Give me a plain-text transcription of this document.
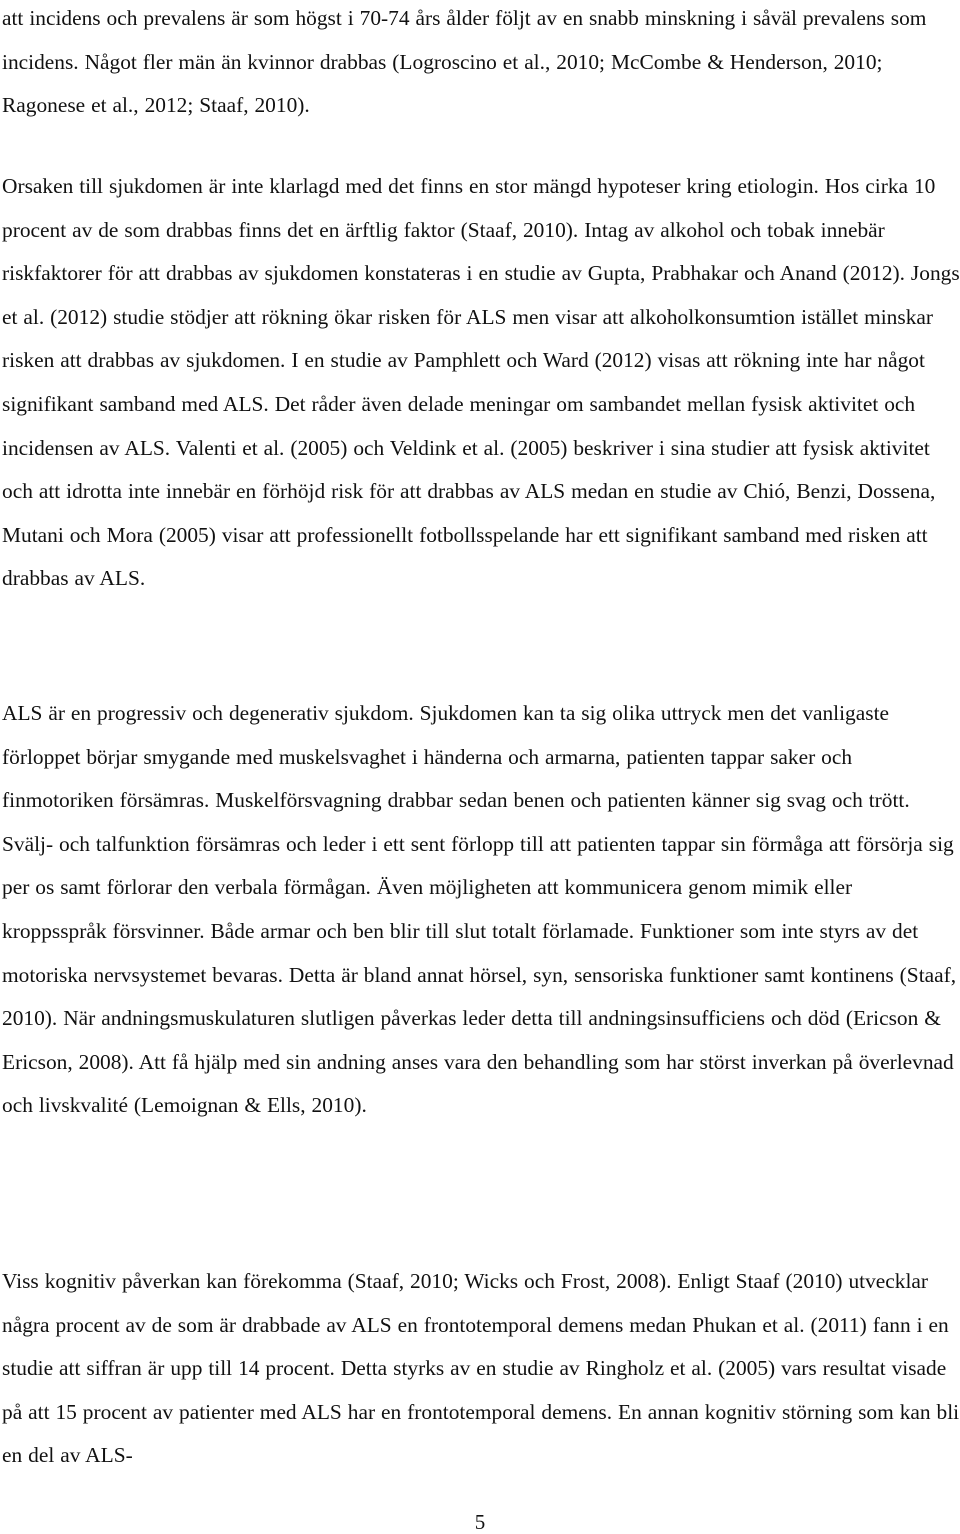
att incidens och prevalens är som högst i 70-74 års ålder följt av en snabb minskning i såväl prevalens som incidens. Något fler män än kvinnor drabbas (Logroscino et al., 2010; McCombe & Henderson, 2010; Ragonese et al., 2012; Staaf, 2010).

Orsaken till sjukdomen är inte klarlagd med det finns en stor mängd hypoteser kring etiologin. Hos cirka 10 procent av de som drabbas finns det en ärftlig faktor (Staaf, 2010). Intag av alkohol och tobak innebär riskfaktorer för att drabbas av sjukdomen konstateras i en studie av Gupta, Prabhakar och Anand (2012). Jongs et al. (2012) studie stödjer att rökning ökar risken för ALS men visar att alkoholkonsumtion istället minskar risken att drabbas av sjukdomen. I en studie av Pamphlett och Ward (2012) visas att rökning inte har något signifikant samband med ALS. Det råder även delade meningar om sambandet mellan fysisk aktivitet och incidensen av ALS. Valenti et al. (2005) och Veldink et al. (2005) beskriver i sina studier att fysisk aktivitet och att idrotta inte innebär en förhöjd risk för att drabbas av ALS medan en studie av Chió, Benzi, Dossena, Mutani och Mora (2005) visar att professionellt fotbollsspelande har ett signifikant samband med risken att drabbas av ALS.

ALS är en progressiv och degenerativ sjukdom. Sjukdomen kan ta sig olika uttryck men det vanligaste förloppet börjar smygande med muskelsvaghet i händerna och armarna, patienten tappar saker och finmotoriken försämras. Muskelförsvagning drabbar sedan benen och patienten känner sig svag och trött. Svälj- och talfunktion försämras och leder i ett sent förlopp till att patienten tappar sin förmåga att försörja sig per os samt förlorar den verbala förmågan. Även möjligheten att kommunicera genom mimik eller kroppsspråk försvinner. Både armar och ben blir till slut totalt förlamade. Funktioner som inte styrs av det motoriska nervsystemet bevaras. Detta är bland annat hörsel, syn, sensoriska funktioner samt kontinens (Staaf, 2010). När andningsmuskulaturen slutligen påverkas leder detta till andningsinsufficiens och död (Ericson & Ericson, 2008). Att få hjälp med sin andning anses vara den behandling som har störst inverkan på överlevnad och livskvalité (Lemoignan & Ells, 2010).

Viss kognitiv påverkan kan förekomma (Staaf, 2010; Wicks och Frost, 2008). Enligt Staaf (2010) utvecklar några procent av de som är drabbade av ALS en frontotemporal demens medan Phukan et al. (2011) fann i en studie att siffran är upp till 14 procent. Detta styrks av en studie av Ringholz et al. (2005) vars resultat visade på att 15 procent av patienter med ALS har en frontotemporal demens. En annan kognitiv störning som kan bli en del av ALS-

5
